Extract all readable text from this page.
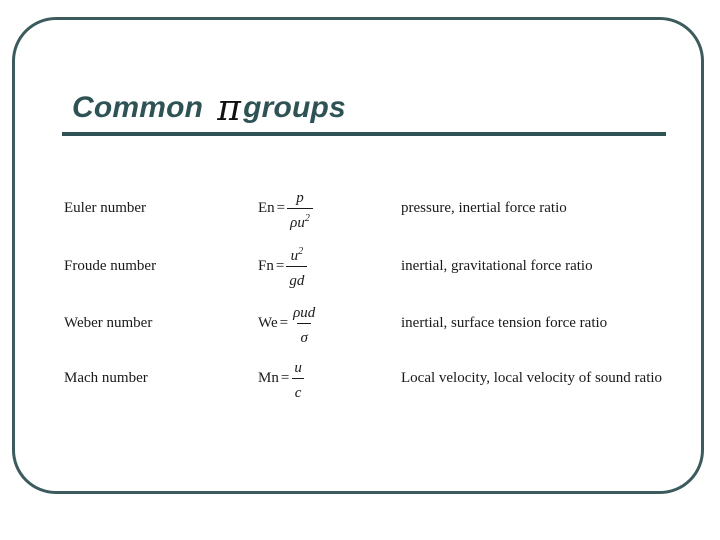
Common π groups
Euler number	$En = \frac{p}{\rho u^2}$	pressure, inertial force ratio
Froude number	$Fn = \frac{u^2}{gd}$	inertial, gravitational force ratio
Weber number	$We = \frac{\text{ρud}}{\sigma}$	inertial, surface tension force ratio
Mach number	$Mn = \frac{u}{c}$	Local velocity, local velocity of sound ratio
